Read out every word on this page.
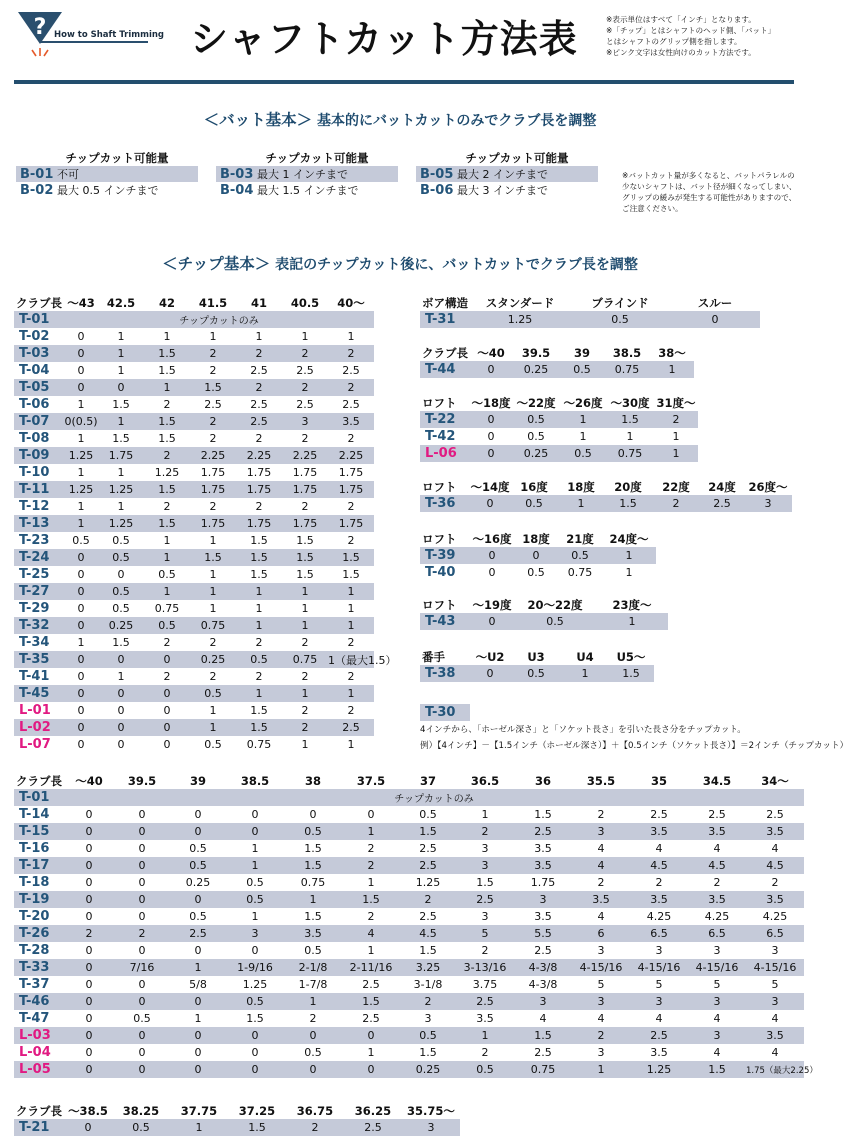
? How to Shaft Trimming シャフトカット方法表	※表示単位はすべて「インチ」となります。
※「チップ」とはシャフトのヘッド側、「バット」
とはシャフトのグリップ側を指します。
※ピンク文字は女性向けのカット方法です。
＜バット基本＞ 基本的にバットカットのみでクラブ長を調整
チップカット可能量
B-01 不可
B-02 最大 0.5 インチまで
チップカット可能量
B-03 最大 1 インチまで
B-04 最大 1.5 インチまで
チップカット可能量
B-05 最大 2 インチまで
B-06 最大 3 インチまで
※バットカット量が多くなると、バットパラレルの少ないシャフトは、バット径が細くなってしまい、グリップの緩みが発生する可能性がありますので、ご注意ください。
＜チップ基本＞ 表記のチップカット後に、バットカットでクラブ長を調整
クラブ長	～43	42.5	42	41.5	41	40.5	40～
T-01	チップカットのみ						
T-02	0	1	1	1	1	1	1
T-03	0	1	1.5	2	2	2	2
T-04	0	1	1.5	2	2.5	2.5	2.5
T-05	0	0	1	1.5	2	2	2
T-06	1	1.5	2	2.5	2.5	2.5	2.5
T-07	0(0.5)	1	1.5	2	2.5	3	3.5
T-08	1	1.5	1.5	2	2	2	2
T-09	1.25	1.75	2	2.25	2.25	2.25	2.25
T-10	1	1	1.25	1.75	1.75	1.75	1.75
T-11	1.25	1.25	1.5	1.75	1.75	1.75	1.75
T-12	1	1	2	2	2	2	2
T-13	1	1.25	1.5	1.75	1.75	1.75	1.75
T-23	0.5	0.5	1	1	1.5	1.5	2
T-24	0	0.5	1	1.5	1.5	1.5	1.5
T-25	0	0	0.5	1	1.5	1.5	1.5
T-27	0	0.5	1	1	1	1	1
T-29	0	0.5	0.75	1	1	1	1
T-32	0	0.25	0.5	0.75	1	1	1
T-34	1	1.5	2	2	2	2	2
T-35	0	0	0	0.25	0.5	0.75	1（最大1.5）
T-41	0	1	2	2	2	2	2
T-45	0	0	0	0.5	1	1	1
L-01	0	0	0	1	1.5	2	2
L-02	0	0	0	1	1.5	2	2.5
L-07	0	0	0	0.5	0.75	1	1
ボア構造	スタンダード	ブラインド	スルー
T-31	1.25	0.5	0
クラブ長	～40	39.5	39	38.5	38～
T-44	0	0.25	0.5	0.75	1
ロフト	～18度	～22度	～26度	～30度	31度～
T-22	0	0.5	1	1.5	2
T-42	0	0.5	1	1	1
L-06	0	0.25	0.5	0.75	1
ロフト	～14度	16度	18度	20度	22度	24度	26度～
T-36	0	0.5	1	1.5	2	2.5	3
ロフト	～16度	18度	21度	24度～
T-39	0	0	0.5	1
T-40	0	0.5	0.75	1
ロフト	～19度	20～22度	23度～
T-43	0	0.5	1
番手	～U2	U3	U4	U5～
T-38	0	0.5	1	1.5
T-30
クラブ長	～40	39.5	39	38.5	38	37.5	37	36.5	36	35.5	35	34.5	34～
T-01	チップカットのみ												
T-14	0	0	0	0	0	0	0.5	1	1.5	2	2.5	2.5	2.5
T-15	0	0	0	0	0.5	1	1.5	2	2.5	3	3.5	3.5	3.5
T-16	0	0	0.5	1	1.5	2	2.5	3	3.5	4	4	4	4
T-17	0	0	0.5	1	1.5	2	2.5	3	3.5	4	4.5	4.5	4.5
T-18	0	0	0.25	0.5	0.75	1	1.25	1.5	1.75	2	2	2	2
T-19	0	0	0	0.5	1	1.5	2	2.5	3	3.5	3.5	3.5	3.5
T-20	0	0	0.5	1	1.5	2	2.5	3	3.5	4	4.25	4.25	4.25
T-26	2	2	2.5	3	3.5	4	4.5	5	5.5	6	6.5	6.5	6.5
T-28	0	0	0	0	0.5	1	1.5	2	2.5	3	3	3	3
T-33	0	7/16	1	1-9/16	2-1/8	2-11/16	3.25	3-13/16	4-3/8	4-15/16	4-15/16	4-15/16	4-15/16
T-37	0	0	5/8	1.25	1-7/8	2.5	3-1/8	3.75	4-3/8	5	5	5	5
T-46	0	0	0	0.5	1	1.5	2	2.5	3	3	3	3	3
T-47	0	0.5	1	1.5	2	2.5	3	3.5	4	4	4	4	4
L-03	0	0	0	0	0	0	0.5	1	1.5	2	2.5	3	3.5
L-04	0	0	0	0	0.5	1	1.5	2	2.5	3	3.5	4	4
L-05	0	0	0	0	0	0	0.25	0.5	0.75	1	1.25	1.5	1.75（最大2.25）
クラブ長	～38.5	38.25	37.75	37.25	36.75	36.25	35.75～
T-21	0	0.5	1	1.5	2	2.5	3
4インチから、「ホーゼル深さ」と「ソケット長さ」を引いた長さ分をチップカット。
例）【4インチ】－【1.5インチ（ホーゼル深さ）】＋【0.5インチ（ソケット長さ）】＝2インチ（チップカット）
